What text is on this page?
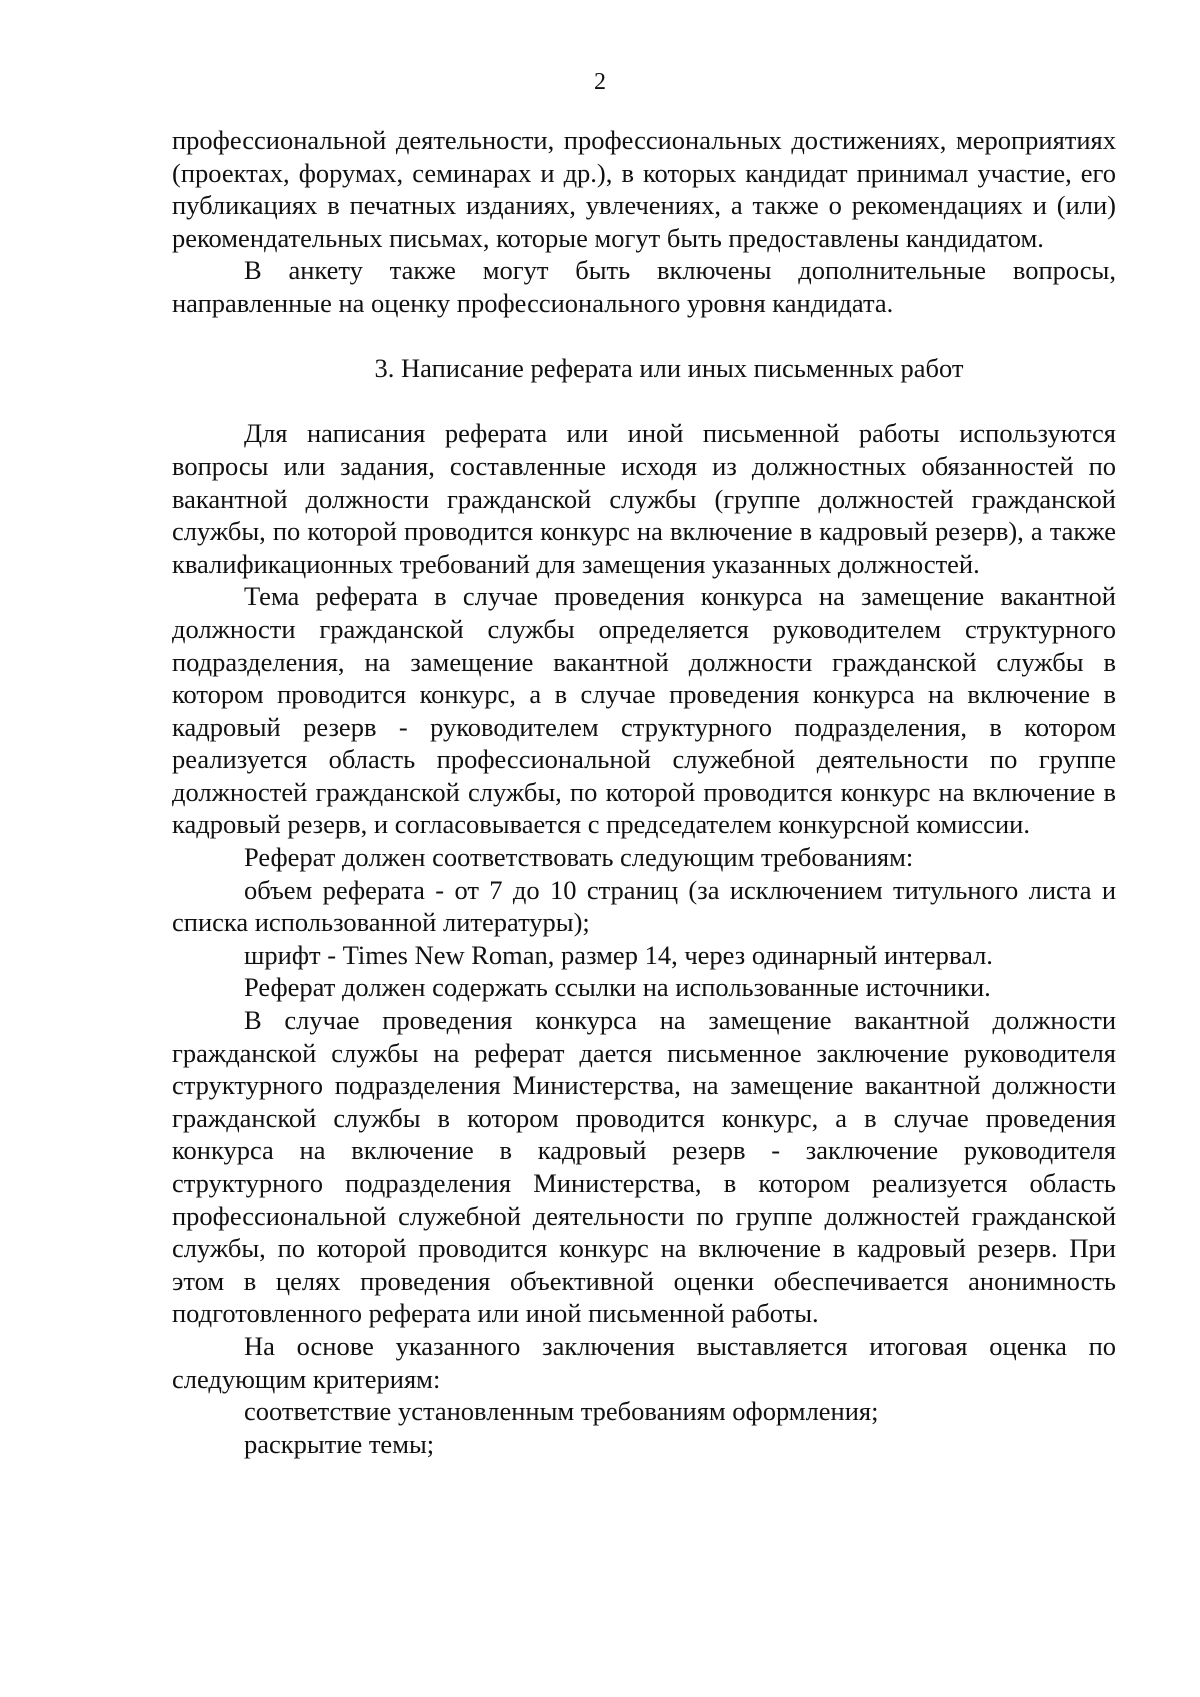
2

профессиональной деятельности, профессиональных достижениях, мероприятиях (проектах, форумах, семинарах и др.), в которых кандидат принимал участие, его публикациях в печатных изданиях, увлечениях, а также о рекомендациях и (или) рекомендательных письмах, которые могут быть предоставлены кандидатом.

В анкету также могут быть включены дополнительные вопросы, направленные на оценку профессионального уровня кандидата.

3. Написание реферата или иных письменных работ

Для написания реферата или иной письменной работы используются вопросы или задания, составленные исходя из должностных обязанностей по вакантной должности гражданской службы (группе должностей гражданской службы, по которой проводится конкурс на включение в кадровый резерв), а также квалификационных требований для замещения указанных должностей.

Тема реферата в случае проведения конкурса на замещение вакантной должности гражданской службы определяется руководителем структурного подразделения, на замещение вакантной должности гражданской службы в котором проводится конкурс, а в случае проведения конкурса на включение в кадровый резерв - руководителем структурного подразделения, в котором реализуется область профессиональной служебной деятельности по группе должностей гражданской службы, по которой проводится конкурс на включение в кадровый резерв, и согласовывается с председателем конкурсной комиссии.

Реферат должен соответствовать следующим требованиям:

объем реферата - от 7 до 10 страниц (за исключением титульного листа и списка использованной литературы);

шрифт - Times New Roman, размер 14, через одинарный интервал.

Реферат должен содержать ссылки на использованные источники.

В случае проведения конкурса на замещение вакантной должности гражданской службы на реферат дается письменное заключение руководителя структурного подразделения Министерства, на замещение вакантной должности гражданской службы в котором проводится конкурс, а в случае проведения конкурса на включение в кадровый резерв - заключение руководителя структурного подразделения Министерства, в котором реализуется область профессиональной служебной деятельности по группе должностей гражданской службы, по которой проводится конкурс на включение в кадровый резерв. При этом в целях проведения объективной оценки обеспечивается анонимность подготовленного реферата или иной письменной работы.

На основе указанного заключения выставляется итоговая оценка по следующим критериям:

соответствие установленным требованиям оформления;

раскрытие темы;
